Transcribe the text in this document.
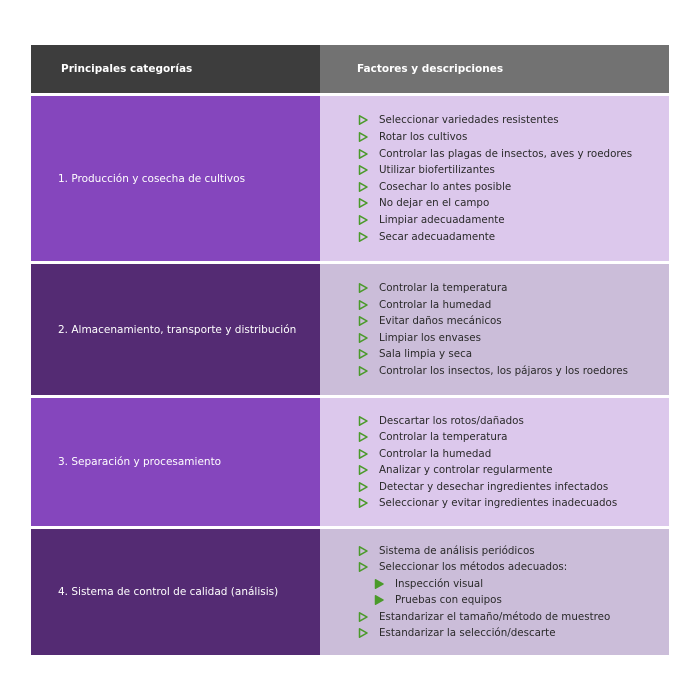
Principales categorías	Factores y descripciones
1. Producción y cosecha de cultivos
Seleccionar variedades resistentes
Rotar los cultivos
Controlar las plagas de insectos, aves y roedores
Utilizar biofertilizantes
Cosechar lo antes posible
No dejar en el campo
Limpiar adecuadamente
Secar adecuadamente
2. Almacenamiento, transporte y distribución
Controlar la temperatura
Controlar la humedad
Evitar daños mecánicos
Limpiar los envases
Sala limpia y seca
Controlar los insectos, los pájaros y los roedores
3. Separación y procesamiento
Descartar los rotos/dañados
Controlar la temperatura
Controlar la humedad
Analizar y controlar regularmente
Detectar y desechar ingredientes infectados
Seleccionar y evitar ingredientes inadecuados
4. Sistema de control de calidad (análisis)
Sistema de análisis periódicos
Seleccionar los métodos adecuados:
Inspección visual
Pruebas con equipos
Estandarizar el tamaño/método de muestreo
Estandarizar la selección/descarte
